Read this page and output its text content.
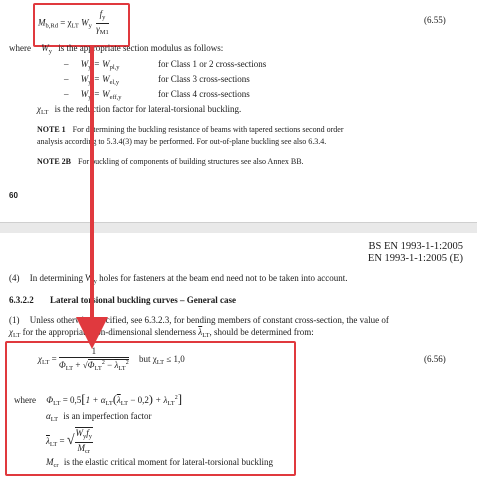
$M_{b,Rd} = \chi_{LT}$ $W_y \frac{f_y}{\gamma_{M1}}$	(6.55)
where $W_y$ is the appropriate section modulus as follows:
– $W_y = W_{pl,y}$	for Class 1 or 2 cross-sections
– $W_y = W_{el,y}$	for Class 3 cross-sections
– $W_y = W_{eff,y}$	for Class 4 cross-sections
$\chi_{LT}$ is the reduction factor for lateral-torsional buckling.
NOTE 1 For determining the buckling resistance of beams with tapered sections second order
analysis according to 5.3.4(3) may be performed. For out-of-plane buckling see also 6.3.4.
NOTE 2B For buckling of components of building structures see also Annex BB.
60
BS EN 1993-1-1:2005
EN 1993-1-1:2005 (E)
(4) In determining $W_y$ holes for fasteners at the beam end need not to be taken into account.
6.3.2.2 Lateral torsional buckling curves – General case
(1) Unless otherwise specified, see 6.3.2.3, for bending members of constant cross-section, the value of
$\chi_{LT}$ for the appropriate non-dimensional slenderness $\overline{\lambda}_{LT}$, should be determined from:
$\chi_{LT} = \frac{1}{\Phi_{LT} + √\Phi_{LT}^2 - \overline{\lambda}_{LT}^2}$ but $\chi_{LT} \le 1,0$	(6.56)
where $\Phi_{LT} = 0,5[1 + \alpha_{LT}(\overline{\lambda}_{LT} - 0,2) + \lambda_{LT}^2]$
$\alpha_{LT}$ is an imperfection factor
$\overline{\lambda}_{LT}$ = √ $\frac{W_yf_y}{M_{cr}}$
$M_{cr}$ is the elastic critical moment for lateral-torsional buckling
